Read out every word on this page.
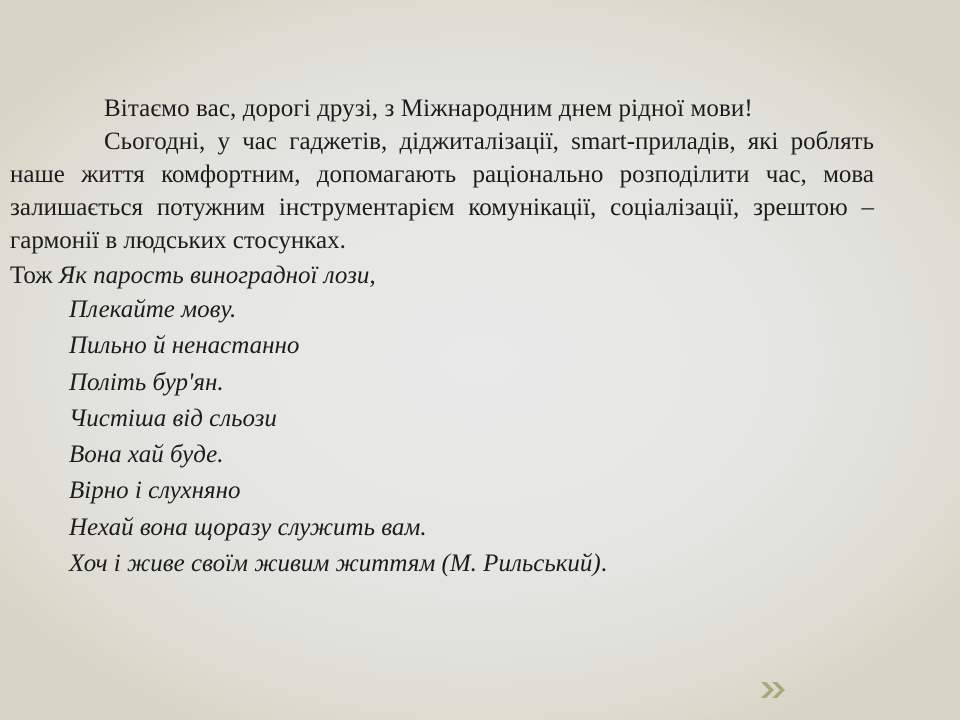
Вітаємо вас, дорогі друзі, з Міжнародним днем рідної мови!

Сьогодні, у час гаджетів, діджиталізації, smart-приладів, які роблять наше життя комфортним, допомагають раціонально розподілити час, мова залишається потужним інструментарієм комунікації, соціалізації, зрештою – гармонії в людських стосунках.

Тож Як парость виноградної лози,

Плекайте мову.

Пильно й ненастанно

Політь бур'ян.

Чистіша від сльози

Вона хай буде.

Вірно і слухняно

Нехай вона щоразу служить вам.

Хоч і живе своїм живим життям (М. Рильський).
